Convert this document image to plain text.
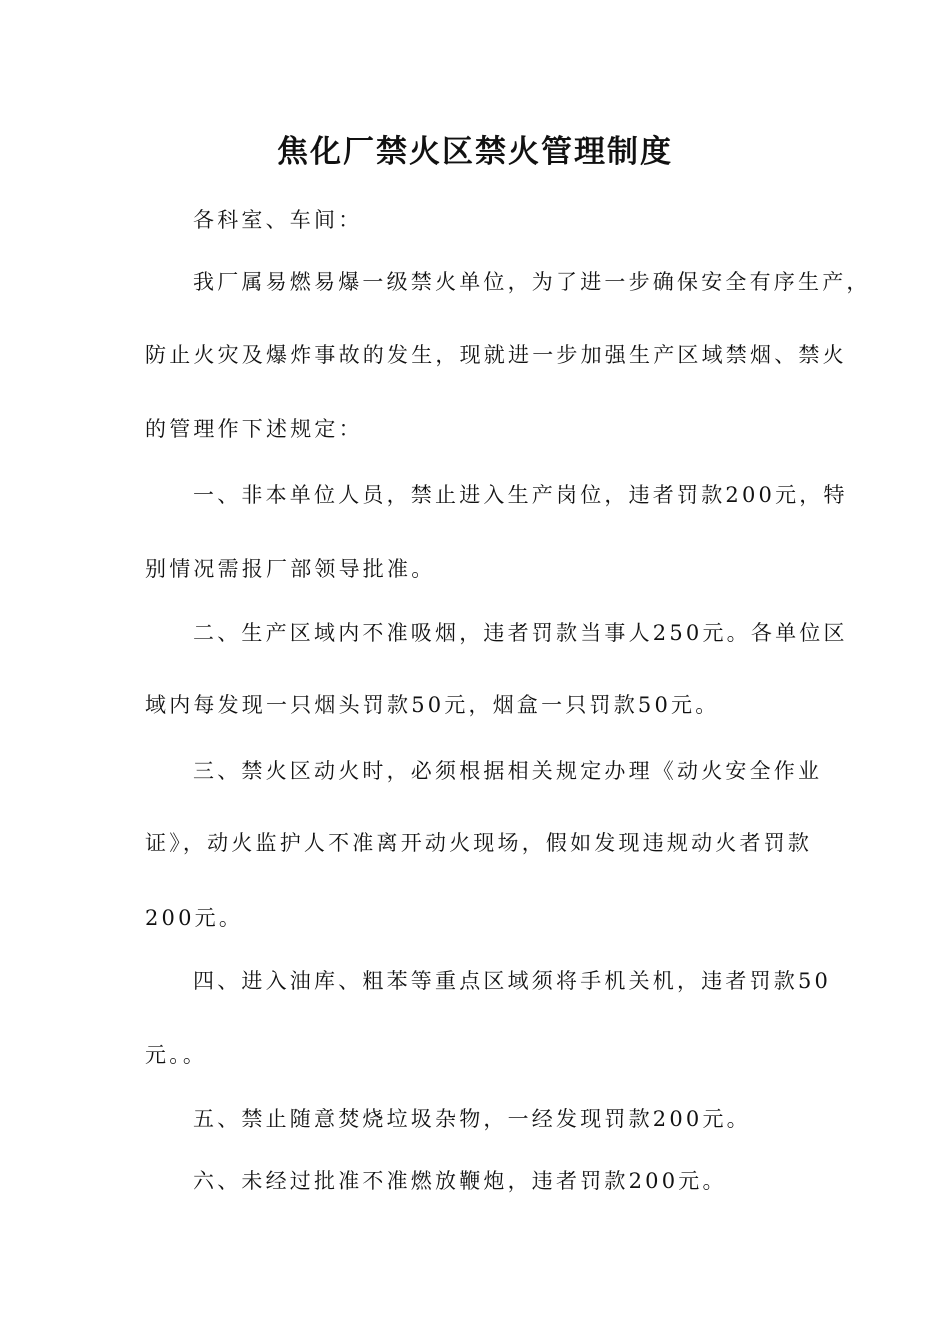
焦化厂禁火区禁火管理制度
各科室、车间：
我厂属易燃易爆一级禁火单位，为了进一步确保安全有序生产，
防止火灾及爆炸事故的发生，现就进一步加强生产区域禁烟、禁火
的管理作下述规定：
一、非本单位人员，禁止进入生产岗位，违者罚款200元，特
别情况需报厂部领导批准。
二、生产区域内不准吸烟，违者罚款当事人250元。各单位区
域内每发现一只烟头罚款50元，烟盒一只罚款50元。
三、禁火区动火时，必须根据相关规定办理《动火安全作业
证》，动火监护人不准离开动火现场，假如发现违规动火者罚款
200元。
四、进入油库、粗苯等重点区域须将手机关机，违者罚款50
元。。
五、禁止随意焚烧垃圾杂物，一经发现罚款200元。
六、未经过批准不准燃放鞭炮，违者罚款200元。
